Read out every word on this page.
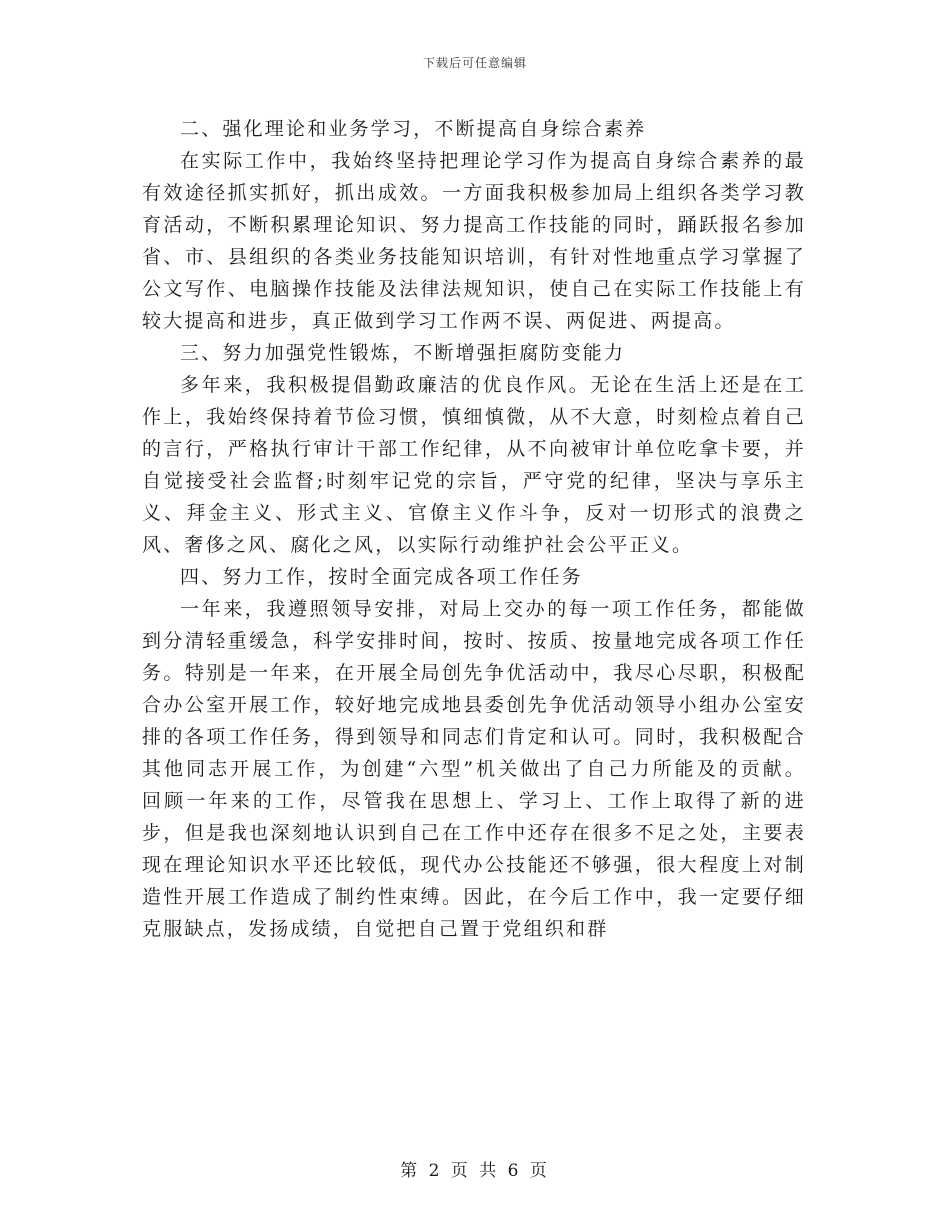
下载后可任意编辑

二、强化理论和业务学习，不断提高自身综合素养

在实际工作中，我始终坚持把理论学习作为提高自身综合素养的最有效途径抓实抓好，抓出成效。一方面我积极参加局上组织各类学习教育活动，不断积累理论知识、努力提高工作技能的同时，踊跃报名参加省、市、县组织的各类业务技能知识培训，有针对性地重点学习掌握了公文写作、电脑操作技能及法律法规知识，使自己在实际工作技能上有较大提高和进步，真正做到学习工作两不误、两促进、两提高。

三、努力加强党性锻炼，不断增强拒腐防变能力

多年来，我积极提倡勤政廉洁的优良作风。无论在生活上还是在工作上，我始终保持着节俭习惯，慎细慎微，从不大意，时刻检点着自己的言行，严格执行审计干部工作纪律，从不向被审计单位吃拿卡要，并自觉接受社会监督;时刻牢记党的宗旨，严守党的纪律，坚决与享乐主义、拜金主义、形式主义、官僚主义作斗争，反对一切形式的浪费之风、奢侈之风、腐化之风，以实际行动维护社会公平正义。

四、努力工作，按时全面完成各项工作任务

一年来，我遵照领导安排，对局上交办的每一项工作任务，都能做到分清轻重缓急，科学安排时间，按时、按质、按量地完成各项工作任务。特别是一年来，在开展全局创先争优活动中，我尽心尽职，积极配合办公室开展工作，较好地完成地县委创先争优活动领导小组办公室安排的各项工作任务，得到领导和同志们肯定和认可。同时，我积极配合其他同志开展工作，为创建“六型”机关做出了自己力所能及的贡献。 回顾一年来的工作，尽管我在思想上、学习上、工作上取得了新的进步，但是我也深刻地认识到自己在工作中还存在很多不足之处，主要表现在理论知识水平还比较低，现代办公技能还不够强，很大程度上对制造性开展工作造成了制约性束缚。因此，在今后工作中，我一定要仔细克服缺点，发扬成绩，自觉把自己置于党组织和群

第 2 页 共 6 页
